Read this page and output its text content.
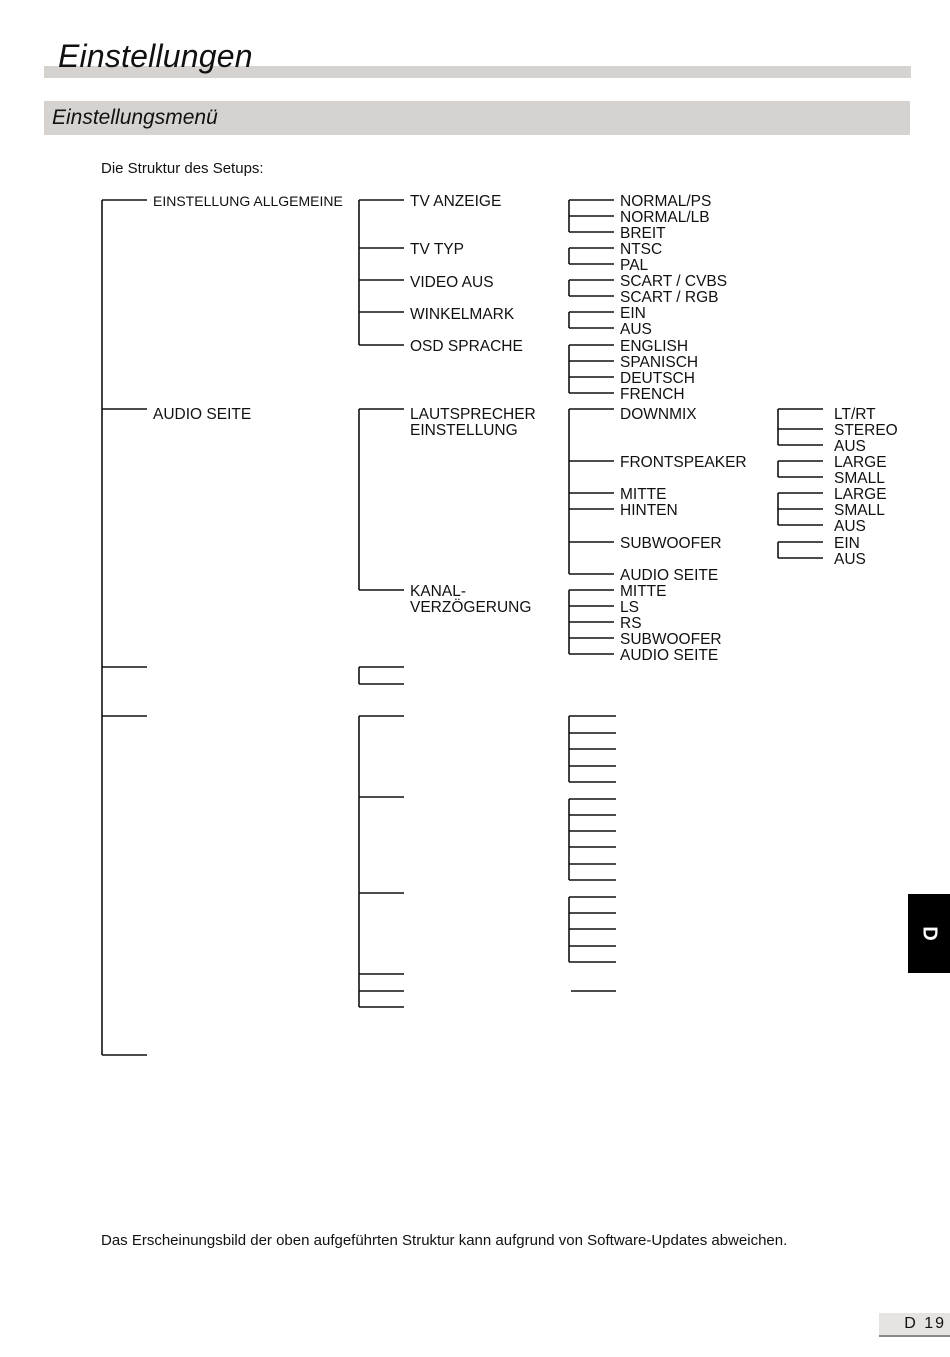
Einstellungen
Einstellungsmenü
Die Struktur des Setups:
EINSTELLUNG ALLGEMEINE
AUDIO SEITE
TV ANZEIGE
TV TYP
VIDEO AUS
WINKELMARK
OSD SPRACHE
NORMAL/PS
NORMAL/LB
BREIT
NTSC
PAL
SCART / CVBS
SCART / RGB
EIN
AUS
ENGLISH
SPANISCH
DEUTSCH
FRENCH
LAUTSPRECHER
EINSTELLUNG
KANAL-
VERZÖGERUNG
DOWNMIX
FRONTSPEAKER
MITTE
HINTEN
SUBWOOFER
AUDIO SEITE
MITTE
LS
RS
SUBWOOFER
AUDIO SEITE
LT/RT
STEREO
AUS
LARGE
SMALL
LARGE
SMALL
AUS
EIN
AUS
D
Das Erscheinungsbild der oben aufgeführten Struktur kann aufgrund von Software-Updates abweichen.
D 19
